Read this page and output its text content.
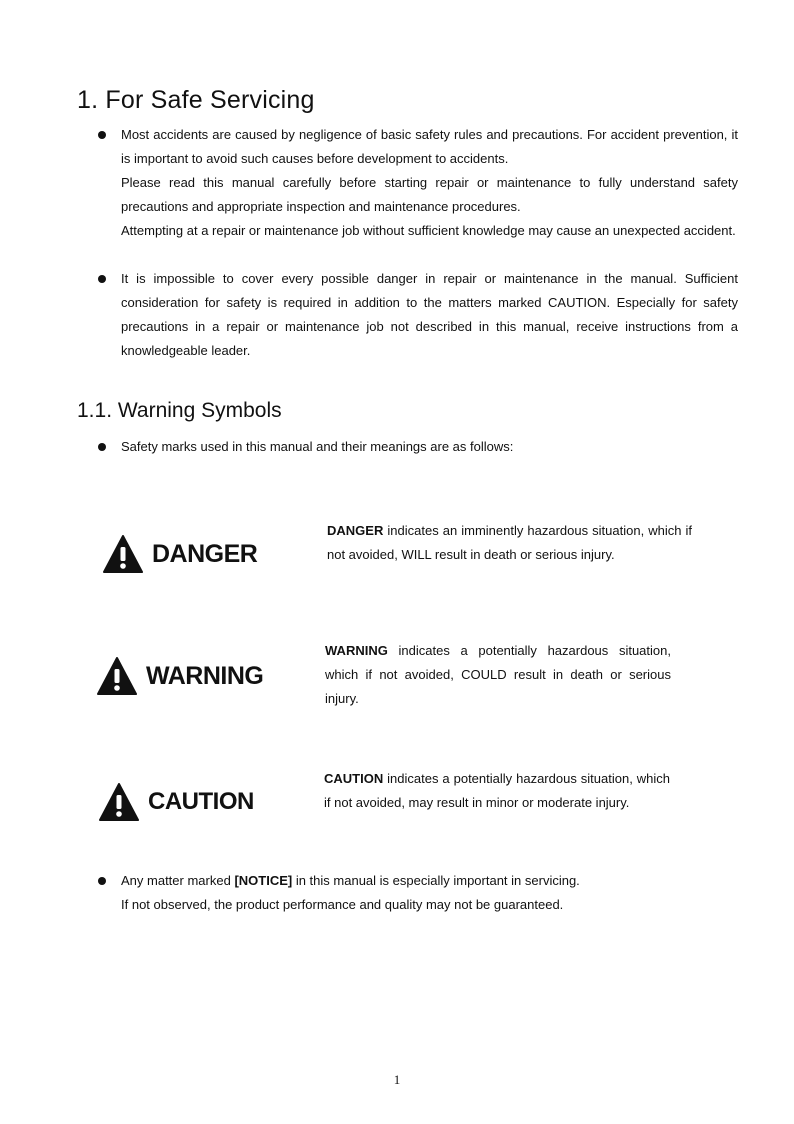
1. For Safe Servicing

Most accidents are caused by negligence of basic safety rules and precautions. For accident prevention, it is important to avoid such causes before development to accidents.

Please read this manual carefully before starting repair or maintenance to fully understand safety precautions and appropriate inspection and maintenance procedures.

Attempting at a repair or maintenance job without sufficient knowledge may cause an unexpected accident.

It is impossible to cover every possible danger in repair or maintenance in the manual. Sufficient consideration for safety is required in addition to the matters marked CAUTION. Especially for safety precautions in a repair or maintenance job not described in this manual, receive instructions from a knowledgeable leader.

1.1. Warning Symbols

Safety marks used in this manual and their meanings are as follows:

DANGER
DANGER indicates an imminently hazardous situation, which if not avoided, WILL result in death or serious injury.
WARNING
WARNING indicates a potentially hazardous situation, which if not avoided, COULD result in death or serious injury.
CAUTION
CAUTION indicates a potentially hazardous situation, which if not avoided, may result in minor or moderate injury.

Any matter marked [NOTICE] in this manual is especially important in servicing.

If not observed, the product performance and quality may not be guaranteed.

1
